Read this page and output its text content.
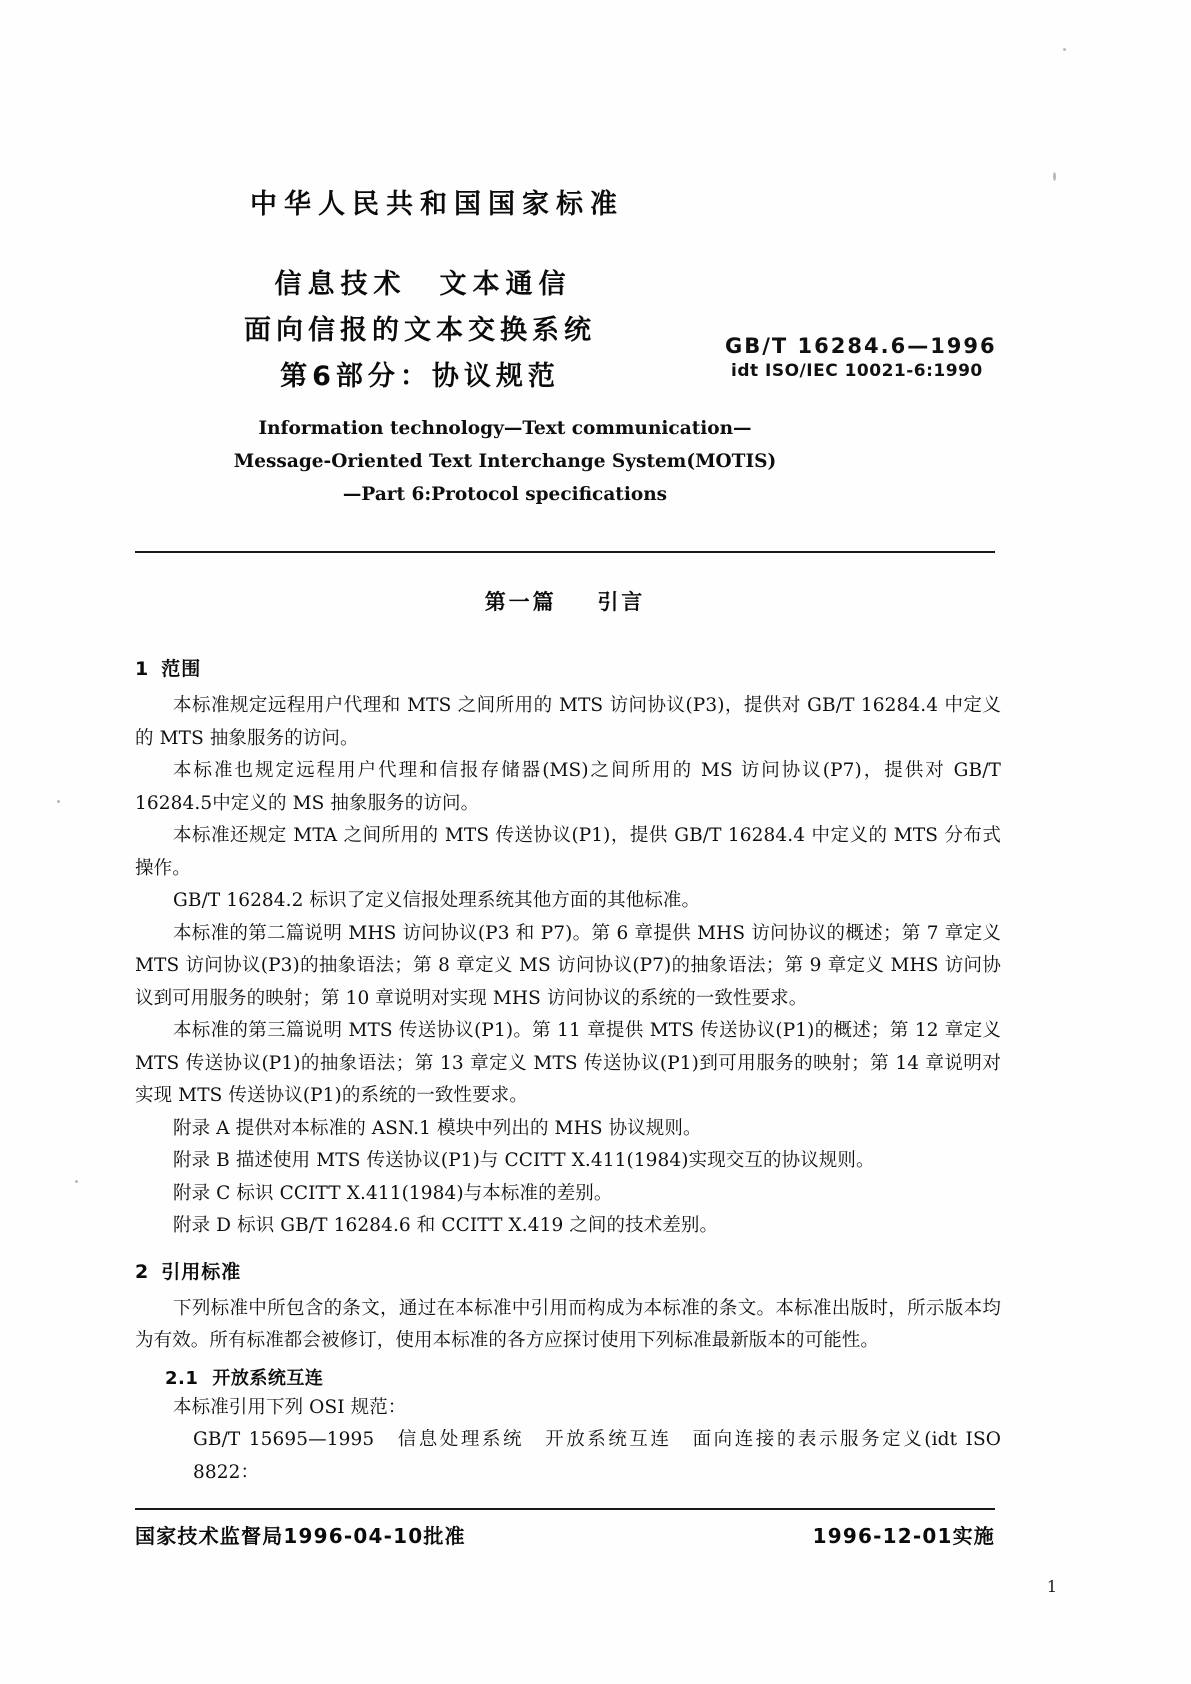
中华人民共和国国家标准
信息技术　文本通信
面向信报的文本交换系统
第6部分：协议规范
GB/T 16284.6—1996
idt ISO/IEC 10021-6:1990
Information technology—Text communication—
Message-Oriented Text Interchange System(MOTIS)
—Part 6:Protocol specifications
第一篇 引言
1 范围

本标准规定远程用户代理和 MTS 之间所用的 MTS 访问协议(P3)，提供对 GB/T 16284.4 中定义的 MTS 抽象服务的访问。

本标准也规定远程用户代理和信报存储器(MS)之间所用的 MS 访问协议(P7)，提供对 GB/T 16284.5中定义的 MS 抽象服务的访问。

本标准还规定 MTA 之间所用的 MTS 传送协议(P1)，提供 GB/T 16284.4 中定义的 MTS 分布式操作。

GB/T 16284.2 标识了定义信报处理系统其他方面的其他标准。

本标准的第二篇说明 MHS 访问协议(P3 和 P7)。第 6 章提供 MHS 访问协议的概述；第 7 章定义 MTS 访问协议(P3)的抽象语法；第 8 章定义 MS 访问协议(P7)的抽象语法；第 9 章定义 MHS 访问协议到可用服务的映射；第 10 章说明对实现 MHS 访问协议的系统的一致性要求。

本标准的第三篇说明 MTS 传送协议(P1)。第 11 章提供 MTS 传送协议(P1)的概述；第 12 章定义 MTS 传送协议(P1)的抽象语法；第 13 章定义 MTS 传送协议(P1)到可用服务的映射；第 14 章说明对实现 MTS 传送协议(P1)的系统的一致性要求。

附录 A 提供对本标准的 ASN.1 模块中列出的 MHS 协议规则。

附录 B 描述使用 MTS 传送协议(P1)与 CCITT X.411(1984)实现交互的协议规则。

附录 C 标识 CCITT X.411(1984)与本标准的差别。

附录 D 标识 GB/T 16284.6 和 CCITT X.419 之间的技术差别。

2 引用标准

下列标准中所包含的条文，通过在本标准中引用而构成为本标准的条文。本标准出版时，所示版本均为有效。所有标准都会被修订，使用本标准的各方应探讨使用下列标准最新版本的可能性。

2.1 开放系统互连

本标准引用下列 OSI 规范：

GB/T 15695—1995　信息处理系统　开放系统互连　面向连接的表示服务定义(idt ISO 8822：

国家技术监督局1996-04-10批准	1996-12-01实施
1
